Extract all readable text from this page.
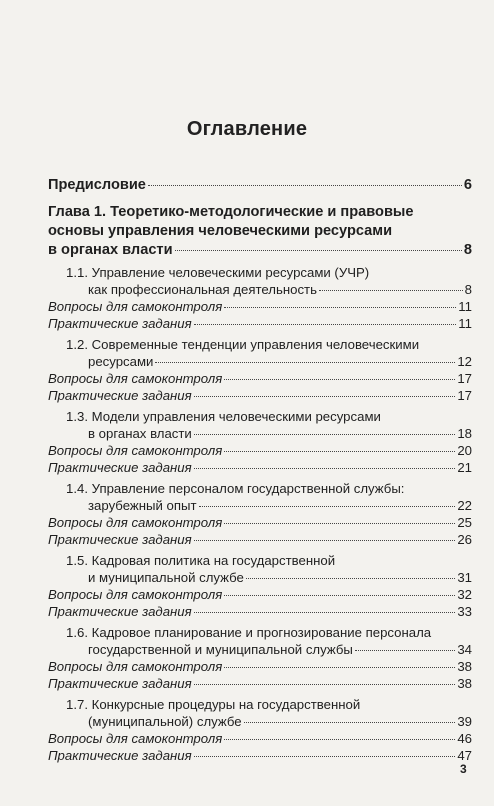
Оглавление
Предисловие	6
Глава 1. Теоретико-методологические и правовые
основы управления человеческими ресурсами
в органах власти	8
1.1. Управление человеческими ресурсами (УЧР)
как профессиональная деятельность	8
Вопросы для самоконтроля	11
Практические задания	11
1.2. Современные тенденции управления человеческими
ресурсами	12
Вопросы для самоконтроля	17
Практические задания	17
1.3. Модели управления человеческими ресурсами
в органах власти	18
Вопросы для самоконтроля	20
Практические задания	21
1.4. Управление персоналом государственной службы:
зарубежный опыт	22
Вопросы для самоконтроля	25
Практические задания	26
1.5. Кадровая политика на государственной
и муниципальной службе	31
Вопросы для самоконтроля	32
Практические задания	33
1.6. Кадровое планирование и прогнозирование персонала
государственной и муниципальной службы	34
Вопросы для самоконтроля	38
Практические задания	38
1.7. Конкурсные процедуры на государственной
(муниципальной) службе	39
Вопросы для самоконтроля	46
Практические задания	47
3
